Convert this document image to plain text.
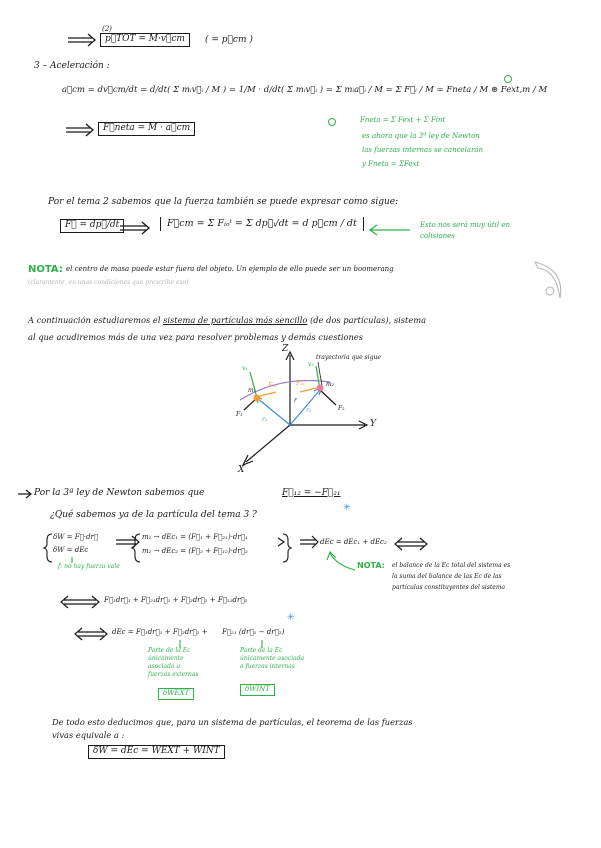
✳
✳
(2)
p⃗TOT = M·v⃗cm	( = p⃗cm )
3 – Aceleración :
a⃗cm = dv⃗cm/dt = d/dt( Σ mᵢv⃗ᵢ / M ) = 1/M · d/dt( Σ mᵢv⃗ᵢ ) = Σ mᵢa⃗ᵢ / M = Σ F⃗ᵢ / M = Fneta / M ⊛ Fext,m / M
F⃗neta = M · a⃗cm
Fneta = Σ Fext + Σ Fint
es ahora que la 3ª ley de Newton
las fuerzas internas se cancelarán
y Fneta = ΣFext
Por el tema 2 sabemos que la fuerza también se puede expresar como sigue:
F⃗ = dp⃗/dt	F⃗cm = Σ Fᵢₒᵗ = Σ dp⃗ᵢ/dt = d p⃗cm / dt	Esto nos será muy útil en
colisiones
NOTA: el centro de masa puede estar fuera del objeto. Un ejemplo de ello puede ser un boomerang
(claramente, en unas condiciones que prescribe eso)
A continuación estudiaremos el sistema de partículas más sencillo (de dos partículas), sistema
al que acudiremos más de una vez para resolver problemas y demás cuestiones
Z
Y
X
trayectoria que sigue
v₁
v₂
F₁
F₂
m₁
m₂
F₁₂	F₂₁
r₁
r₂
r
Por la 3ª ley de Newton sabemos que	F⃗₁₂ = −F⃗₂₁
¿Qué sabemos ya de la partícula del tema 3 ?
δW = F⃗·dr⃗
δW = dEc
f: no hay fuerza vale
m₁ → dEc₁ = (F⃗₁ + F⃗₂₁)·dr⃗₁
m₂ → dEc₂ = (F⃗₂ + F⃗₁₂)·dr⃗₂
dEc = dEc₁ + dEc₂
NOTA: el balance de la Ec total del sistema es
la suma del balance de las Ec de las
partículas constituyentes del sistema
F⃗₁dr⃗₁ + F⃗₂₁dr⃗₁ + F⃗₂dr⃗₂ + F⃗₁₂dr⃗₂
dEc = F⃗₁dr⃗₁ + F⃗₂dr⃗₂ + F⃗₂₁ (dr⃗₁ − dr⃗₂)
Parte de la Ec
únicamente
asociada a
fuerzas externas
δWEXT
Parte de la Ec
únicamente asociada
a fuerzas internas
δWINT
De todo esto deducimos que, para un sistema de partículas, el teorema de las fuerzas
vivas equivale a :
δW = dEc = WEXT + WINT
